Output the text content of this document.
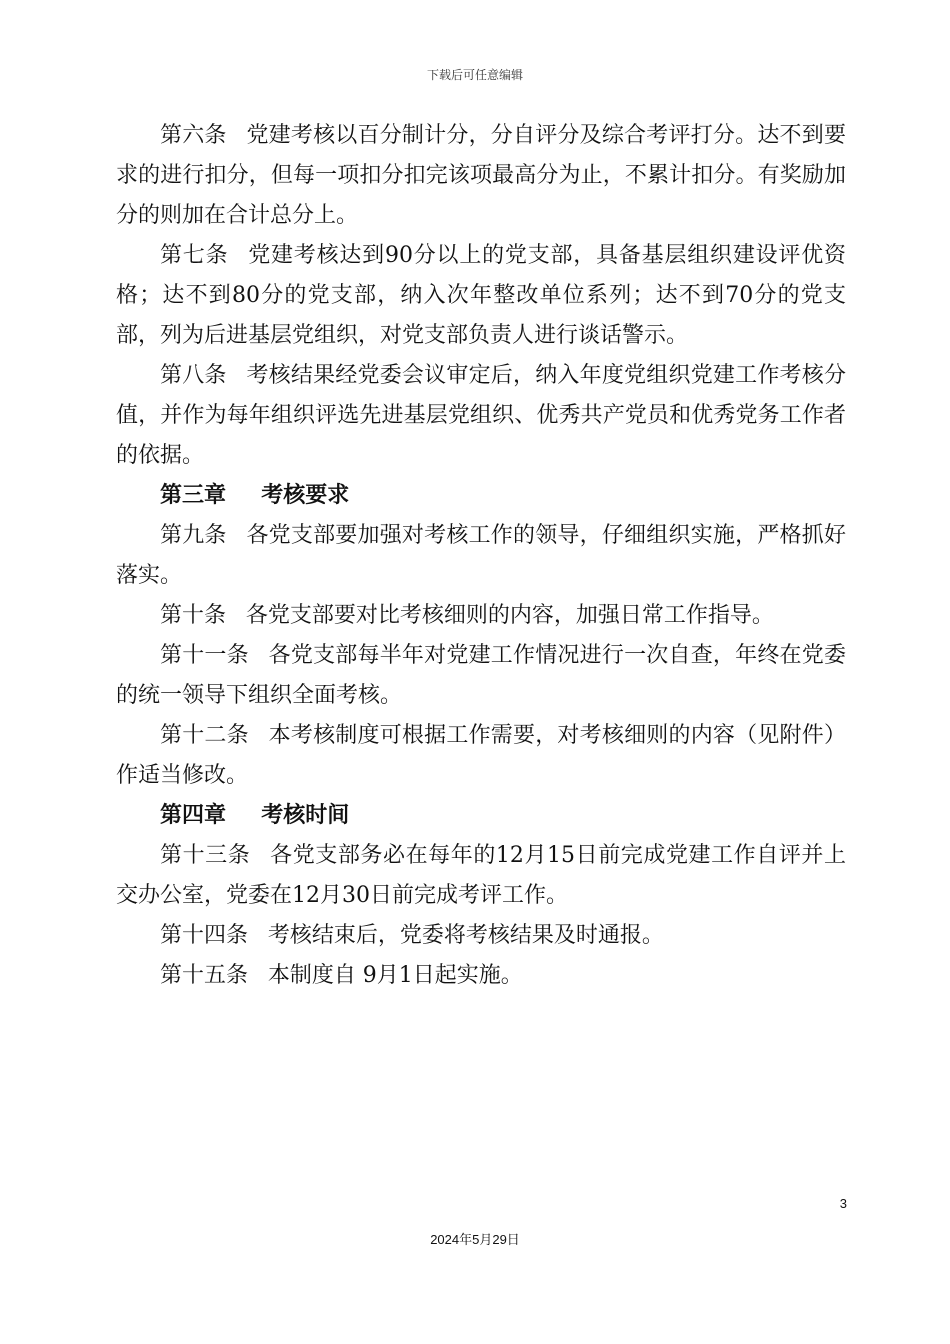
下载后可任意编辑

第六条 党建考核以百分制计分，分自评分及综合考评打分。达不到要求的进行扣分，但每一项扣分扣完该项最高分为止，不累计扣分。有奖励加分的则加在合计总分上。

第七条 党建考核达到90分以上的党支部，具备基层组织建设评优资格；达不到80分的党支部，纳入次年整改单位系列；达不到70分的党支部，列为后进基层党组织，对党支部负责人进行谈话警示。

第八条 考核结果经党委会议审定后，纳入年度党组织党建工作考核分值，并作为每年组织评选先进基层党组织、优秀共产党员和优秀党务工作者的依据。

第三章 考核要求

第九条 各党支部要加强对考核工作的领导，仔细组织实施，严格抓好落实。

第十条 各党支部要对比考核细则的内容，加强日常工作指导。

第十一条 各党支部每半年对党建工作情况进行一次自查，年终在党委的统一领导下组织全面考核。

第十二条 本考核制度可根据工作需要，对考核细则的内容（见附件）作适当修改。

第四章 考核时间

第十三条 各党支部务必在每年的12月15日前完成党建工作自评并上交办公室，党委在12月30日前完成考评工作。

第十四条 考核结束后，党委将考核结果及时通报。

第十五条 本制度自 9月1日起实施。

3
2024年5月29日
